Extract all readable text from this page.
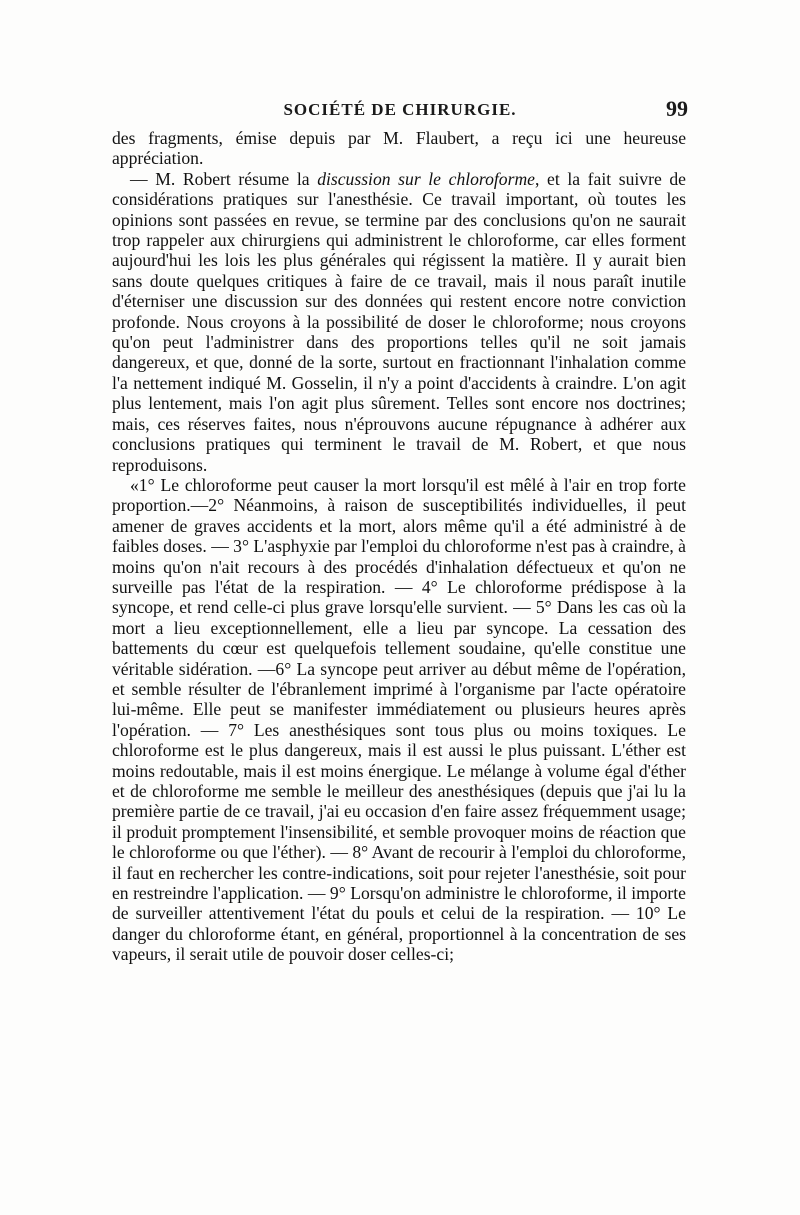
SOCIÉTÉ DE CHIRURGIE.	99

des fragments, émise depuis par M. Flaubert, a reçu ici une heureuse appréciation.

— M. Robert résume la discussion sur le chloroforme, et la fait suivre de considérations pratiques sur l'anesthésie. Ce travail important, où toutes les opinions sont passées en revue, se termine par des conclusions qu'on ne saurait trop rappeler aux chirurgiens qui administrent le chloroforme, car elles forment aujourd'hui les lois les plus générales qui régissent la matière. Il y aurait bien sans doute quelques critiques à faire de ce travail, mais il nous paraît inutile d'éterniser une discussion sur des données qui restent encore notre conviction profonde. Nous croyons à la possibilité de doser le chloroforme; nous croyons qu'on peut l'administrer dans des proportions telles qu'il ne soit jamais dangereux, et que, donné de la sorte, surtout en fractionnant l'inhalation comme l'a nettement indiqué M. Gosselin, il n'y a point d'accidents à craindre. L'on agit plus lentement, mais l'on agit plus sûrement. Telles sont encore nos doctrines; mais, ces réserves faites, nous n'éprouvons aucune répugnance à adhérer aux conclusions pratiques qui terminent le travail de M. Robert, et que nous reproduisons.

«1° Le chloroforme peut causer la mort lorsqu'il est mêlé à l'air en trop forte proportion.—2° Néanmoins, à raison de susceptibilités individuelles, il peut amener de graves accidents et la mort, alors même qu'il a été administré à de faibles doses. — 3° L'asphyxie par l'emploi du chloroforme n'est pas à craindre, à moins qu'on n'ait recours à des procédés d'inhalation défectueux et qu'on ne surveille pas l'état de la respiration. — 4° Le chloroforme prédispose à la syncope, et rend celle-ci plus grave lorsqu'elle survient. — 5° Dans les cas où la mort a lieu exceptionnellement, elle a lieu par syncope. La cessation des battements du cœur est quelquefois tellement soudaine, qu'elle constitue une véritable sidération. —6° La syncope peut arriver au début même de l'opération, et semble résulter de l'ébranlement imprimé à l'organisme par l'acte opératoire lui-même. Elle peut se manifester immédiatement ou plusieurs heures après l'opération. — 7° Les anesthésiques sont tous plus ou moins toxiques. Le chloroforme est le plus dangereux, mais il est aussi le plus puissant. L'éther est moins redoutable, mais il est moins énergique. Le mélange à volume égal d'éther et de chloroforme me semble le meilleur des anesthésiques (depuis que j'ai lu la première partie de ce travail, j'ai eu occasion d'en faire assez fréquemment usage; il produit promptement l'insensibilité, et semble provoquer moins de réaction que le chloroforme ou que l'éther). — 8° Avant de recourir à l'emploi du chloroforme, il faut en rechercher les contre-indications, soit pour rejeter l'anesthésie, soit pour en restreindre l'application. — 9° Lorsqu'on administre le chloroforme, il importe de surveiller attentivement l'état du pouls et celui de la respiration. — 10° Le danger du chloroforme étant, en général, proportionnel à la concentration de ses vapeurs, il serait utile de pouvoir doser celles-ci;
